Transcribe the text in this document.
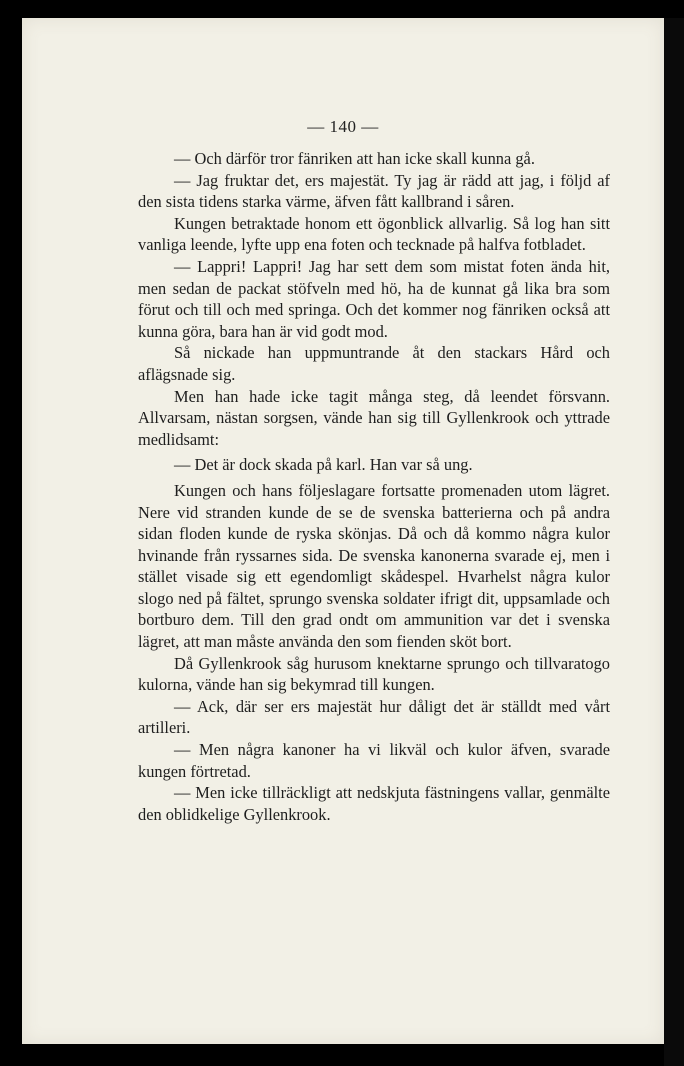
— 140 —

— Och därför tror fänriken att han icke skall kunna gå.

— Jag fruktar det, ers majestät. Ty jag är rädd att jag, i följd af den sista tidens starka värme, äfven fått kallbrand i såren.

Kungen betraktade honom ett ögonblick allvarlig. Så log han sitt vanliga leende, lyfte upp ena foten och tecknade på halfva fotbladet.

— Lappri! Lappri! Jag har sett dem som mistat foten ända hit, men sedan de packat stöfveln med hö, ha de kunnat gå lika bra som förut och till och med springa. Och det kommer nog fänriken också att kunna göra, bara han är vid godt mod.

Så nickade han uppmuntrande åt den stackars Hård och aflägsnade sig.

Men han hade icke tagit många steg, då leendet försvann. Allvarsam, nästan sorgsen, vände han sig till Gyllenkrook och yttrade medlidsamt:

— Det är dock skada på karl. Han var så ung.

Kungen och hans följeslagare fortsatte promenaden utom lägret. Nere vid stranden kunde de se de svenska batterierna och på andra sidan floden kunde de ryska skönjas. Då och då kommo några kulor hvinande från ryssarnes sida. De svenska kanonerna svarade ej, men i stället visade sig ett egendomligt skådespel. Hvarhelst några kulor slogo ned på fältet, sprungo svenska soldater ifrigt dit, uppsamlade och bortburo dem. Till den grad ondt om ammunition var det i svenska lägret, att man måste använda den som fienden sköt bort.

Då Gyllenkrook såg hurusom knektarne sprungo och tillvaratogo kulorna, vände han sig bekymrad till kungen.

— Ack, där ser ers majestät hur dåligt det är ställdt med vårt artilleri.

— Men några kanoner ha vi likväl och kulor äfven, svarade kungen förtretad.

— Men icke tillräckligt att nedskjuta fästningens vallar, genmälte den oblidkelige Gyllenkrook.
